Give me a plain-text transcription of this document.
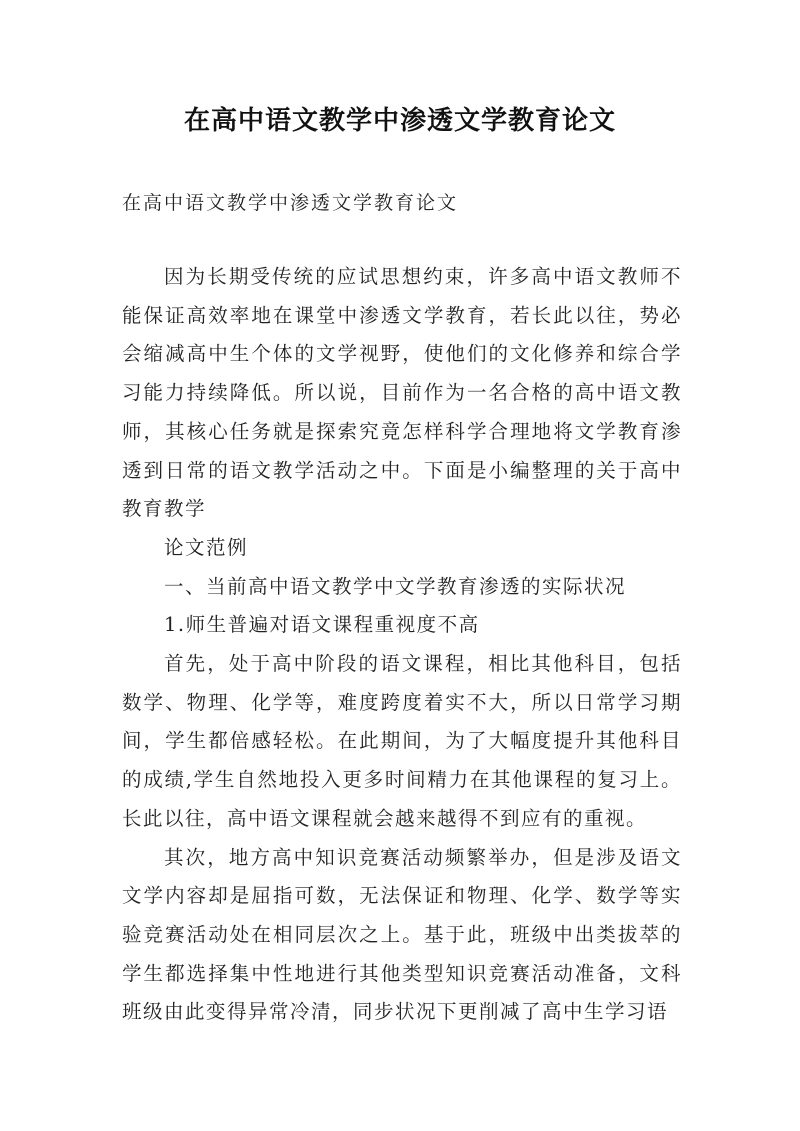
在高中语文教学中渗透文学教育论文

在高中语文教学中渗透文学教育论文

因为长期受传统的应试思想约束，许多高中语文教师不能保证高效率地在课堂中渗透文学教育，若长此以往，势必会缩减高中生个体的文学视野，使他们的文化修养和综合学习能力持续降低。所以说，目前作为一名合格的高中语文教师，其核心任务就是探索究竟怎样科学合理地将文学教育渗透到日常的语文教学活动之中。下面是小编整理的关于高中教育教学

论文范例

一、当前高中语文教学中文学教育渗透的实际状况

1.师生普遍对语文课程重视度不高

首先，处于高中阶段的语文课程，相比其他科目，包括数学、物理、化学等，难度跨度着实不大，所以日常学习期间，学生都倍感轻松。在此期间，为了大幅度提升其他科目的成绩,学生自然地投入更多时间精力在其他课程的复习上。长此以往，高中语文课程就会越来越得不到应有的重视。

其次，地方高中知识竞赛活动频繁举办，但是涉及语文文学内容却是屈指可数，无法保证和物理、化学、数学等实验竞赛活动处在相同层次之上。基于此，班级中出类拔萃的学生都选择集中性地进行其他类型知识竞赛活动准备，文科班级由此变得异常冷清，同步状况下更削减了高中生学习语
